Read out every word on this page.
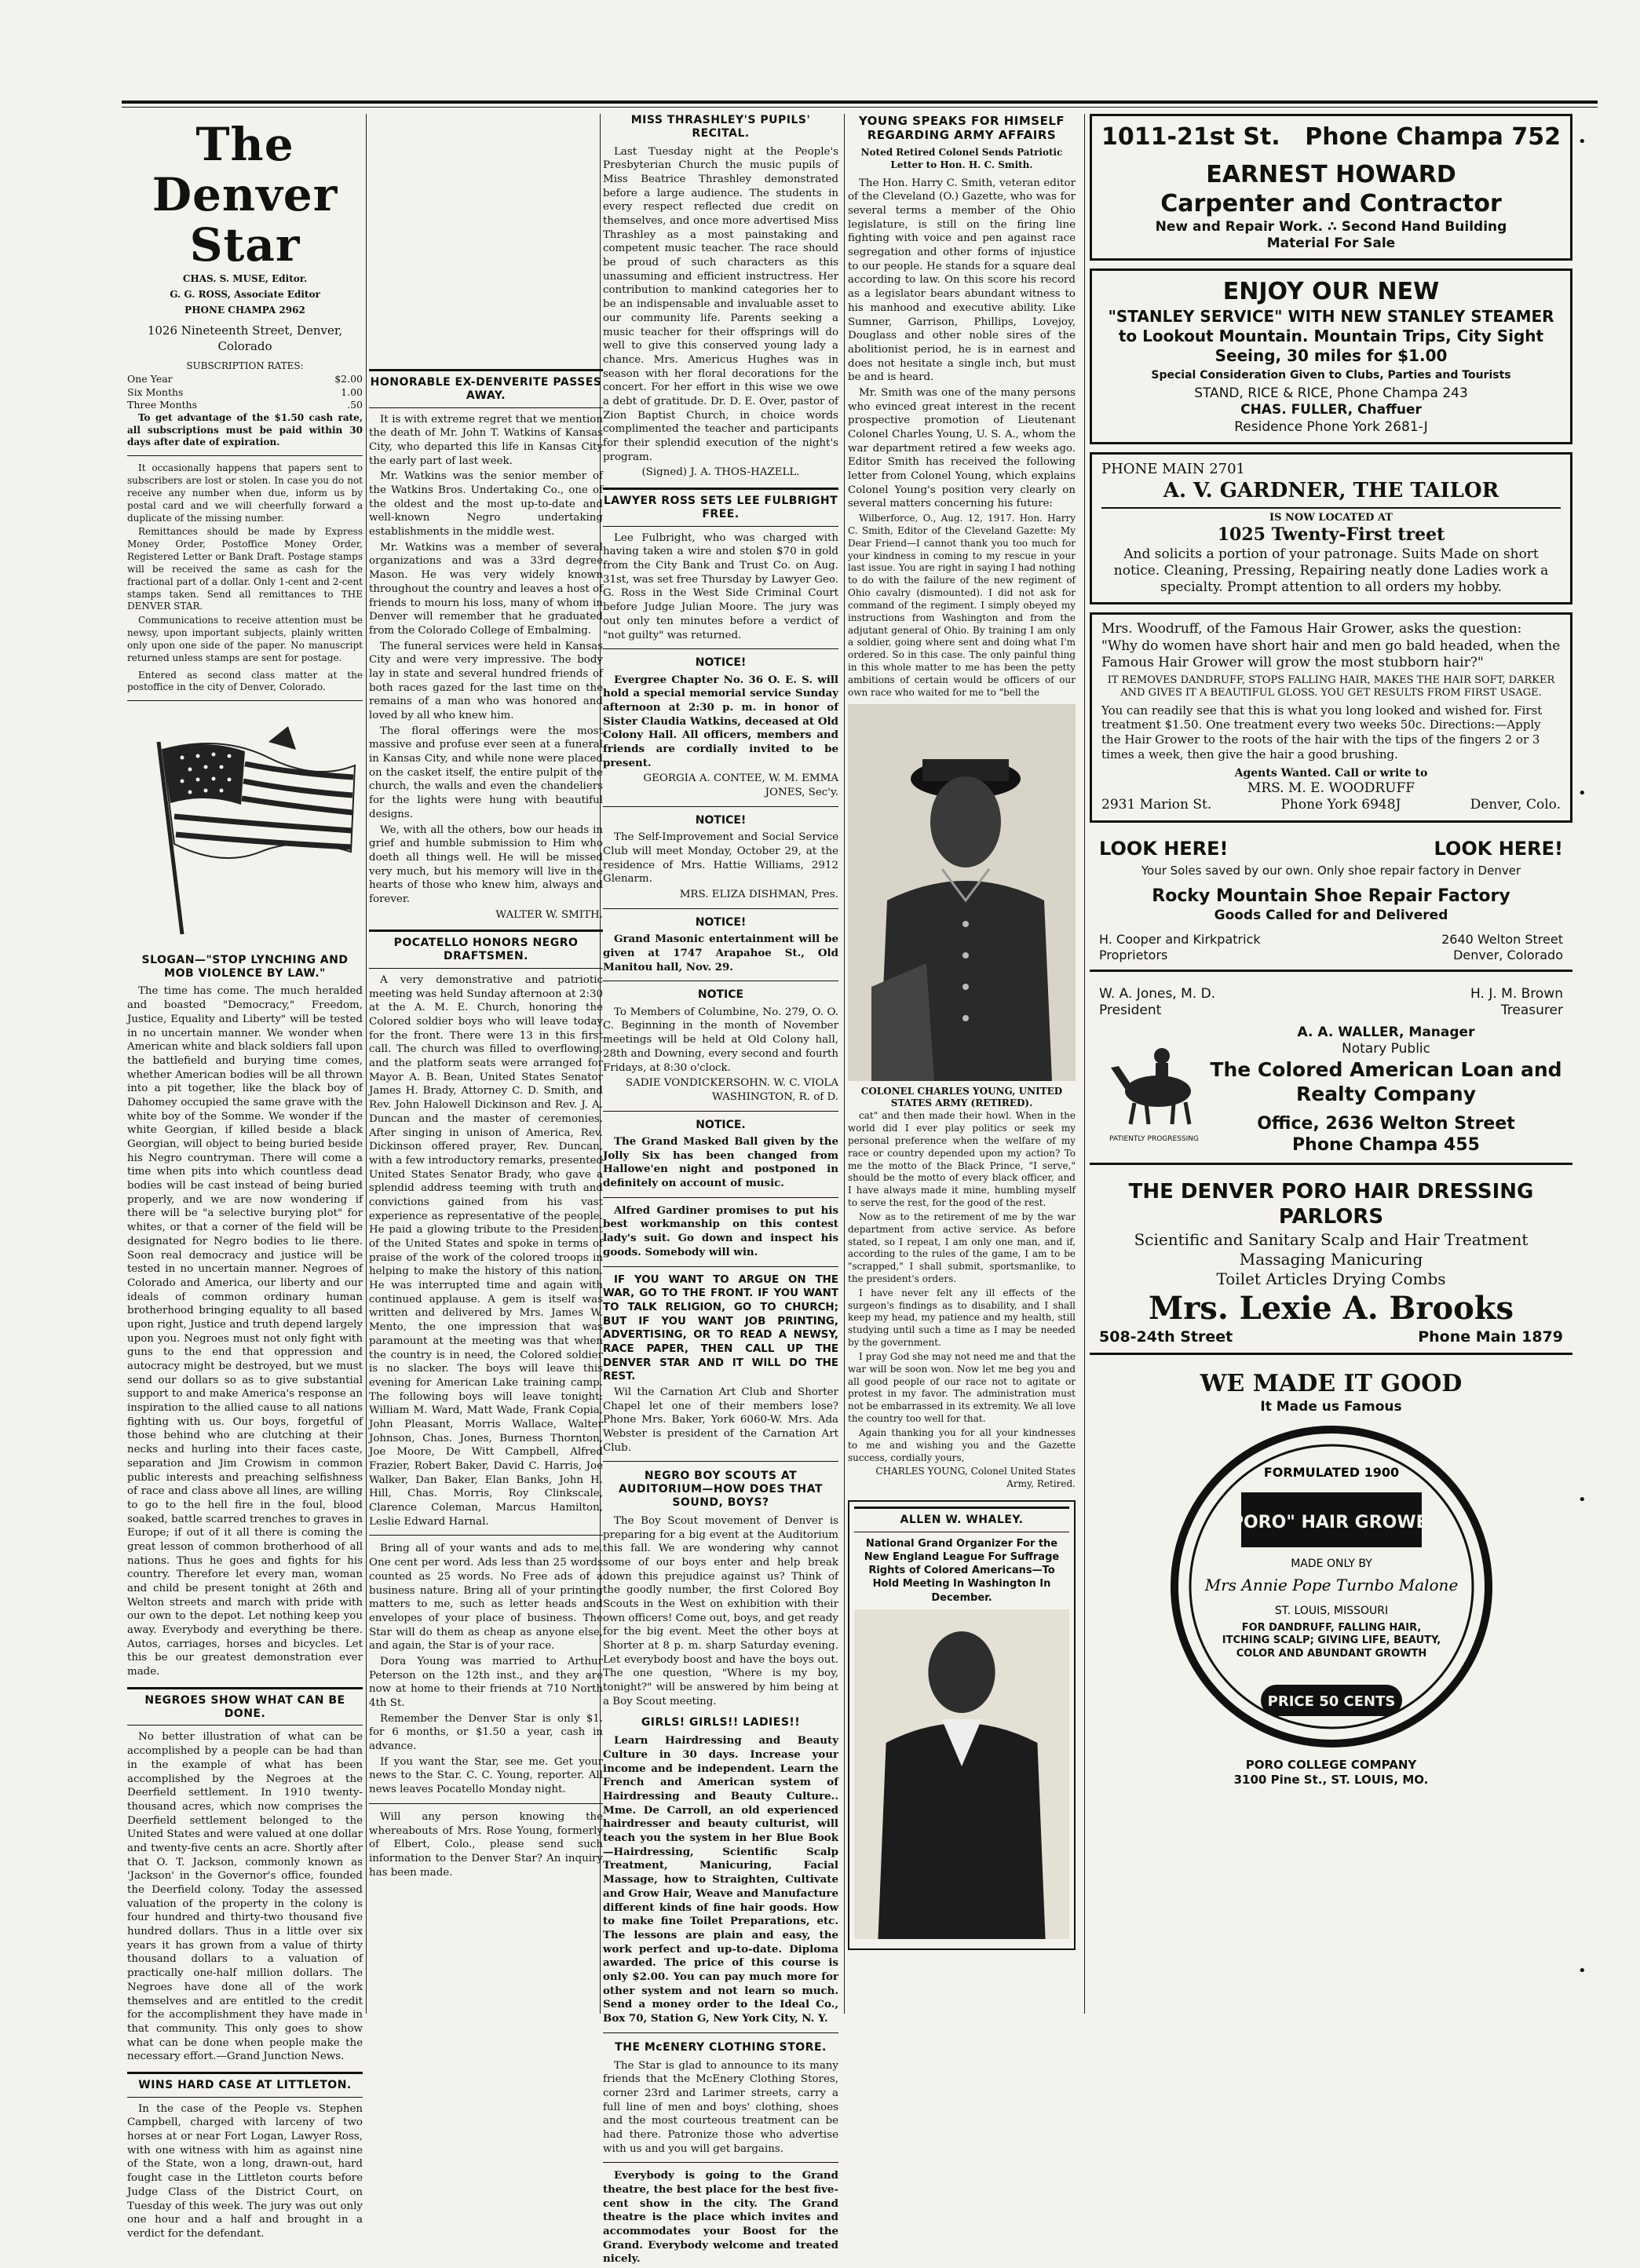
The Denver Star
CHAS. S. MUSE, Editor.
G. G. ROSS, Associate Editor
PHONE CHAMPA 2962
1026 Nineteenth Street, Denver, Colorado
SUBSCRIPTION RATES:
One Year	$2.00
Six Months	1.00
Three Months	.50

To get advantage of the $1.50 cash rate, all subscriptions must be paid within 30 days after date of expiration.

It occasionally happens that papers sent to subscribers are lost or stolen. In case you do not receive any number when due, inform us by postal card and we will cheerfully forward a duplicate of the missing number.

Remittances should be made by Express Money Order, Postoffice Money Order, Registered Letter or Bank Draft. Postage stamps will be received the same as cash for the fractional part of a dollar. Only 1-cent and 2-cent stamps taken. Send all remittances to THE DENVER STAR.

Communications to receive attention must be newsy, upon important subjects, plainly written only upon one side of the paper. No manuscript returned unless stamps are sent for postage.

Entered as second class matter at the postoffice in the city of Denver, Colorado.

SLOGAN—"STOP LYNCHING AND MOB VIOLENCE BY LAW."

The time has come. The much heralded and boasted "Democracy," Freedom, Justice, Equality and Liberty" will be tested in no uncertain manner. We wonder when American white and black soldiers fall upon the battlefield and burying time comes, whether American bodies will be all thrown into a pit together, like the black boy of Dahomey occupied the same grave with the white boy of the Somme. We wonder if the white Georgian, if killed beside a black Georgian, will object to being buried beside his Negro countryman. There will come a time when pits into which countless dead bodies will be cast instead of being buried properly, and we are now wondering if there will be "a selective burying plot" for whites, or that a corner of the field will be designated for Negro bodies to lie there. Soon real democracy and justice will be tested in no uncertain manner. Negroes of Colorado and America, our liberty and our ideals of common ordinary human brotherhood bringing equality to all based upon right, Justice and truth depend largely upon you. Negroes must not only fight with guns to the end that oppression and autocracy might be destroyed, but we must send our dollars so as to give substantial support to and make America's response an inspiration to the allied cause to all nations fighting with us. Our boys, forgetful of those behind who are clutching at their necks and hurling into their faces caste, separation and Jim Crowism in common public interests and preaching selfishness of race and class above all lines, are willing to go to the hell fire in the foul, blood soaked, battle scarred trenches to graves in Europe; if out of it all there is coming the great lesson of common brotherhood of all nations. Thus he goes and fights for his country. Therefore let every man, woman and child be present tonight at 26th and Welton streets and march with pride with our own to the depot. Let nothing keep you away. Everybody and everything be there. Autos, carriages, horses and bicycles. Let this be our greatest demonstration ever made.

NEGROES SHOW WHAT CAN BE DONE.

No better illustration of what can be accomplished by a people can be had than in the example of what has been accomplished by the Negroes at the Deerfield settlement. In 1910 twenty-thousand acres, which now comprises the Deerfield settlement belonged to the United States and were valued at one dollar and twenty-five cents an acre. Shortly after that O. T. Jackson, commonly known as 'Jackson' in the Governor's office, founded the Deerfield colony. Today the assessed valuation of the property in the colony is four hundred and thirty-two thousand five hundred dollars. Thus in a little over six years it has grown from a value of thirty thousand dollars to a valuation of practically one-half million dollars. The Negroes have done all of the work themselves and are entitled to the credit for the accomplishment they have made in that community. This only goes to show what can be done when people make the necessary effort.—Grand Junction News.

WINS HARD CASE AT LITTLETON.

In the case of the People vs. Stephen Campbell, charged with larceny of two horses at or near Fort Logan, Lawyer Ross, with one witness with him as against nine of the State, won a long, drawn-out, hard fought case in the Littleton courts before Judge Class of the District Court, on Tuesday of this week. The jury was out only one hour and a half and brought in a verdict for the defendant.

HONORABLE EX-DENVERITE PASSES AWAY.

It is with extreme regret that we mention the death of Mr. John T. Watkins of Kansas City, who departed this life in Kansas City the early part of last week.

Mr. Watkins was the senior member of the Watkins Bros. Undertaking Co., one of the oldest and the most up-to-date and well-known Negro undertaking establishments in the middle west.

Mr. Watkins was a member of several organizations and was a 33rd degree Mason. He was very widely known throughout the country and leaves a host of friends to mourn his loss, many of whom in Denver will remember that he graduated from the Colorado College of Embalming.

The funeral services were held in Kansas City and were very impressive. The body lay in state and several hundred friends of both races gazed for the last time on the remains of a man who was honored and loved by all who knew him.

The floral offerings were the most massive and profuse ever seen at a funeral in Kansas City, and while none were placed on the casket itself, the entire pulpit of the church, the walls and even the chandeliers for the lights were hung with beautiful designs.

We, with all the others, bow our heads in grief and humble submission to Him who doeth all things well. He will be missed very much, but his memory will live in the hearts of those who knew him, always and forever.

WALTER W. SMITH.
POCATELLO HONORS NEGRO DRAFTSMEN.

A very demonstrative and patriotic meeting was held Sunday afternoon at 2:30 at the A. M. E. Church, honoring the Colored soldier boys who will leave today for the front. There were 13 in this first call. The church was filled to overflowing, and the platform seats were arranged for Mayor A. B. Bean, United States Senator James H. Brady, Attorney C. D. Smith, and Rev. John Halowell Dickinson and Rev. J. A. Duncan and the master of ceremonies. After singing in unison of America, Rev. Dickinson offered prayer, Rev. Duncan, with a few introductory remarks, presented United States Senator Brady, who gave a splendid address teeming with truth and convictions gained from his vast experience as representative of the people. He paid a glowing tribute to the President of the United States and spoke in terms of praise of the work of the colored troops in helping to make the history of this nation. He was interrupted time and again with continued applause. A gem is itself was written and delivered by Mrs. James W. Mento, the one impression that was paramount at the meeting was that when the country is in need, the Colored soldier is no slacker. The boys will leave this evening for American Lake training camp. The following boys will leave tonight: William M. Ward, Matt Wade, Frank Copia, John Pleasant, Morris Wallace, Walter Johnson, Chas. Jones, Burness Thornton, Joe Moore, De Witt Campbell, Alfred Frazier, Robert Baker, David C. Harris, Joe Walker, Dan Baker, Elan Banks, John H. Hill, Chas. Morris, Roy Clinkscale, Clarence Coleman, Marcus Hamilton, Leslie Edward Harnal.

Bring all of your wants and ads to me. One cent per word. Ads less than 25 words counted as 25 words. No Free ads of a business nature. Bring all of your printing matters to me, such as letter heads and envelopes of your place of business. The Star will do them as cheap as anyone else, and again, the Star is of your race.

Dora Young was married to Arthur Peterson on the 12th inst., and they are now at home to their friends at 710 North 4th St.

Remember the Denver Star is only $1. for 6 months, or $1.50 a year, cash in advance.

If you want the Star, see me. Get your news to the Star. C. C. Young, reporter. All news leaves Pocatello Monday night.

Will any person knowing the whereabouts of Mrs. Rose Young, formerly of Elbert, Colo., please send such information to the Denver Star? An inquiry has been made.

MISS THRASHLEY'S PUPILS' RECITAL.

Last Tuesday night at the People's Presbyterian Church the music pupils of Miss Beatrice Thrashley demonstrated before a large audience. The students in every respect reflected due credit on themselves, and once more advertised Miss Thrashley as a most painstaking and competent music teacher. The race should be proud of such characters as this unassuming and efficient instructress. Her contribution to mankind categories her to be an indispensable and invaluable asset to our community life. Parents seeking a music teacher for their offsprings will do well to give this conserved young lady a chance. Mrs. Americus Hughes was in season with her floral decorations for the concert. For her effort in this wise we owe a debt of gratitude. Dr. D. E. Over, pastor of Zion Baptist Church, in choice words complimented the teacher and participants for their splendid execution of the night's program.

(Signed) J. A. THOS-HAZELL.
LAWYER ROSS SETS LEE FULBRIGHT FREE.

Lee Fulbright, who was charged with having taken a wire and stolen $70 in gold from the City Bank and Trust Co. on Aug. 31st, was set free Thursday by Lawyer Geo. G. Ross in the West Side Criminal Court before Judge Julian Moore. The jury was out only ten minutes before a verdict of "not guilty" was returned.

NOTICE!

Evergree Chapter No. 36 O. E. S. will hold a special memorial service Sunday afternoon at 2:30 p. m. in honor of Sister Claudia Watkins, deceased at Old Colony Hall. All officers, members and friends are cordially invited to be present.

GEORGIA A. CONTEE, W. M. EMMA JONES, Sec'y.
NOTICE!

The Self-Improvement and Social Service Club will meet Monday, October 29, at the residence of Mrs. Hattie Williams, 2912 Glenarm.

MRS. ELIZA DISHMAN, Pres.
NOTICE!

Grand Masonic entertainment will be given at 1747 Arapahoe St., Old Manitou hall, Nov. 29.

NOTICE

To Members of Columbine, No. 279, O. O. C. Beginning in the month of November meetings will be held at Old Colony hall, 28th and Downing, every second and fourth Fridays, at 8:30 o'clock.

SADIE VONDICKERSOHN. W. C. VIOLA WASHINGTON, R. of D.
NOTICE.

The Grand Masked Ball given by the Jolly Six has been changed from Hallowe'en night and postponed in definitely on account of music.

Alfred Gardiner promises to put his best workmanship on this contest lady's suit. Go down and inspect his goods. Somebody will win.

IF YOU WANT TO ARGUE ON THE WAR, GO TO THE FRONT. IF YOU WANT TO TALK RELIGION, GO TO CHURCH; BUT IF YOU WANT JOB PRINTING, ADVERTISING, OR TO READ A NEWSY, RACE PAPER, THEN CALL UP THE DENVER STAR AND IT WILL DO THE REST.

Wil the Carnation Art Club and Shorter Chapel let one of their members lose? Phone Mrs. Baker, York 6060-W. Mrs. Ada Webster is president of the Carnation Art Club.

NEGRO BOY SCOUTS AT AUDITORIUM—HOW DOES THAT SOUND, BOYS?

The Boy Scout movement of Denver is preparing for a big event at the Auditorium this fall. We are wondering why cannot some of our boys enter and help break down this prejudice against us? Think of the goodly number, the first Colored Boy Scouts in the West on exhibition with their own officers! Come out, boys, and get ready for the big event. Meet the other boys at Shorter at 8 p. m. sharp Saturday evening. Let everybody boost and have the boys out. The one question, "Where is my boy, tonight?" will be answered by him being at a Boy Scout meeting.

GIRLS! GIRLS!! LADIES!!

Learn Hairdressing and Beauty Culture in 30 days. Increase your income and be independent. Learn the French and American system of Hairdressing and Beauty Culture.. Mme. De Carroll, an old experienced hairdresser and beauty culturist, will teach you the system in her Blue Book—Hairdressing, Scientific Scalp Treatment, Manicuring, Facial Massage, how to Straighten, Cultivate and Grow Hair, Weave and Manufacture different kinds of fine hair goods. How to make fine Toilet Preparations, etc. The lessons are plain and easy, the work perfect and up-to-date. Diploma awarded. The price of this course is only $2.00. You can pay much more for other system and not learn so much. Send a money order to the Ideal Co., Box 70, Station G, New York City, N. Y.

THE McENERY CLOTHING STORE.

The Star is glad to announce to its many friends that the McEnery Clothing Stores, corner 23rd and Larimer streets, carry a full line of men and boys' clothing, shoes and the most courteous treatment can be had there. Patronize those who advertise with us and you will get bargains.

Everybody is going to the Grand theatre, the best place for the best five-cent show in the city. The Grand theatre is the place which invites and accommodates your Boost for the Grand. Everybody welcome and treated nicely.

YOUNG SPEAKS FOR HIMSELF REGARDING ARMY AFFAIRS
Noted Retired Colonel Sends Patriotic Letter to Hon. H. C. Smith.

The Hon. Harry C. Smith, veteran editor of the Cleveland (O.) Gazette, who was for several terms a member of the Ohio legislature, is still on the firing line fighting with voice and pen against race segregation and other forms of injustice to our people. He stands for a square deal according to law. On this score his record as a legislator bears abundant witness to his manhood and executive ability. Like Sumner, Garrison, Phillips, Lovejoy, Douglass and other noble sires of the abolitionist period, he is in earnest and does not hesitate a single inch, but must be and is heard.

Mr. Smith was one of the many persons who evinced great interest in the recent prospective promotion of Lieutenant Colonel Charles Young, U. S. A., whom the war department retired a few weeks ago. Editor Smith has received the following letter from Colonel Young, which explains Colonel Young's position very clearly on several matters concerning his future:

Wilberforce, O., Aug. 12, 1917. Hon. Harry C. Smith, Editor of the Cleveland Gazette: My Dear Friend—I cannot thank you too much for your kindness in coming to my rescue in your last issue. You are right in saying I had nothing to do with the failure of the new regiment of Ohio cavalry (dismounted). I did not ask for command of the regiment. I simply obeyed my instructions from Washington and from the adjutant general of Ohio. By training I am only a soldier, going where sent and doing what I'm ordered. So in this case. The only painful thing in this whole matter to me has been the petty ambitions of certain would be officers of our own race who waited for me to "bell the

COLONEL CHARLES YOUNG, UNITED STATES ARMY (RETIRED).

cat" and then made their howl. When in the world did I ever play politics or seek my personal preference when the welfare of my race or country depended upon my action? To me the motto of the Black Prince, "I serve," should be the motto of every black officer, and I have always made it mine, humbling myself to serve the rest, for the good of the rest.

Now as to the retirement of me by the war department from active service. As before stated, so I repeat, I am only one man, and if, according to the rules of the game, I am to be "scrapped," I shall submit, sportsmanlike, to the president's orders.

I have never felt any ill effects of the surgeon's findings as to disability, and I shall keep my head, my patience and my health, still studying until such a time as I may be needed by the government.

I pray God she may not need me and that the war will be soon won. Now let me beg you and all good people of our race not to agitate or protest in my favor. The administration must not be embarrassed in its extremity. We all love the country too well for that.

Again thanking you for all your kindnesses to me and wishing you and the Gazette success, cordially yours,

CHARLES YOUNG, Colonel United States Army, Retired.
ALLEN W. WHALEY.
National Grand Organizer For the New England League For Suffrage Rights of Colored Americans—To Hold Meeting In Washington In December.
1011-21st St. Phone Champa 752
EARNEST HOWARD
Carpenter and Contractor
New and Repair Work. ∴ Second Hand Building
Material For Sale
ENJOY OUR NEW
"STANLEY SERVICE" WITH NEW STANLEY STEAMER to Lookout Mountain. Mountain Trips, City Sight Seeing, 30 miles for $1.00
Special Consideration Given to Clubs, Parties and Tourists
STAND, RICE & RICE, Phone Champa 243
CHAS. FULLER, Chaffuer
Residence Phone York 2681-J
PHONE MAIN 2701
A. V. GARDNER, THE TAILOR
IS NOW LOCATED AT
1025 Twenty-First treet
And solicits a portion of your patronage. Suits Made on short notice. Cleaning, Pressing, Repairing neatly done Ladies work a specialty. Prompt attention to all orders my hobby.
Mrs. Woodruff, of the Famous Hair Grower, asks the question: "Why do women have short hair and men go bald headed, when the Famous Hair Grower will grow the most stubborn hair?"
IT REMOVES DANDRUFF, STOPS FALLING HAIR, MAKES THE HAIR SOFT, DARKER AND GIVES IT A BEAUTIFUL GLOSS. YOU GET RESULTS FROM FIRST USAGE.
You can readily see that this is what you long looked and wished for. First treatment $1.50. One treatment every two weeks 50c. Directions:—Apply the Hair Grower to the roots of the hair with the tips of the fingers 2 or 3 times a week, then give the hair a good brushing.
Agents Wanted. Call or write to
MRS. M. E. WOODRUFF
2931 Marion St.	Phone York 6948J	Denver, Colo.
LOOK HERE!	LOOK HERE!
Your Soles saved by our own. Only shoe repair factory in Denver
Rocky Mountain Shoe Repair Factory
Goods Called for and Delivered
H. Cooper and Kirkpatrick	2640 Welton Street
Proprietors	Denver, Colorado
W. A. Jones, M. D.	H. J. M. Brown
President	Treasurer
PATIENTLY PROGRESSING
A. A. WALLER, Manager
Notary Public
The Colored American Loan and Realty Company
Office, 2636 Welton Street
Phone Champa 455
THE DENVER PORO HAIR DRESSING PARLORS
Scientific and Sanitary Scalp and Hair Treatment
Massaging Manicuring
Toilet Articles Drying Combs
Mrs. Lexie A. Brooks
508-24th Street	Phone Main 1879
WE MADE IT GOOD
It Made us Famous
FORMULATED 1900
"PORO" HAIR GROWER
MADE ONLY BY
Mrs Annie Pope Turnbo Malone
ST. LOUIS, MISSOURI
FOR DANDRUFF, FALLING HAIR, ITCHING SCALP; GIVING LIFE, BEAUTY, COLOR AND ABUNDANT GROWTH
PRICE 50 CENTS
PORO COLLEGE COMPANY
3100 Pine St., ST. LOUIS, MO.
•
•
•
•
